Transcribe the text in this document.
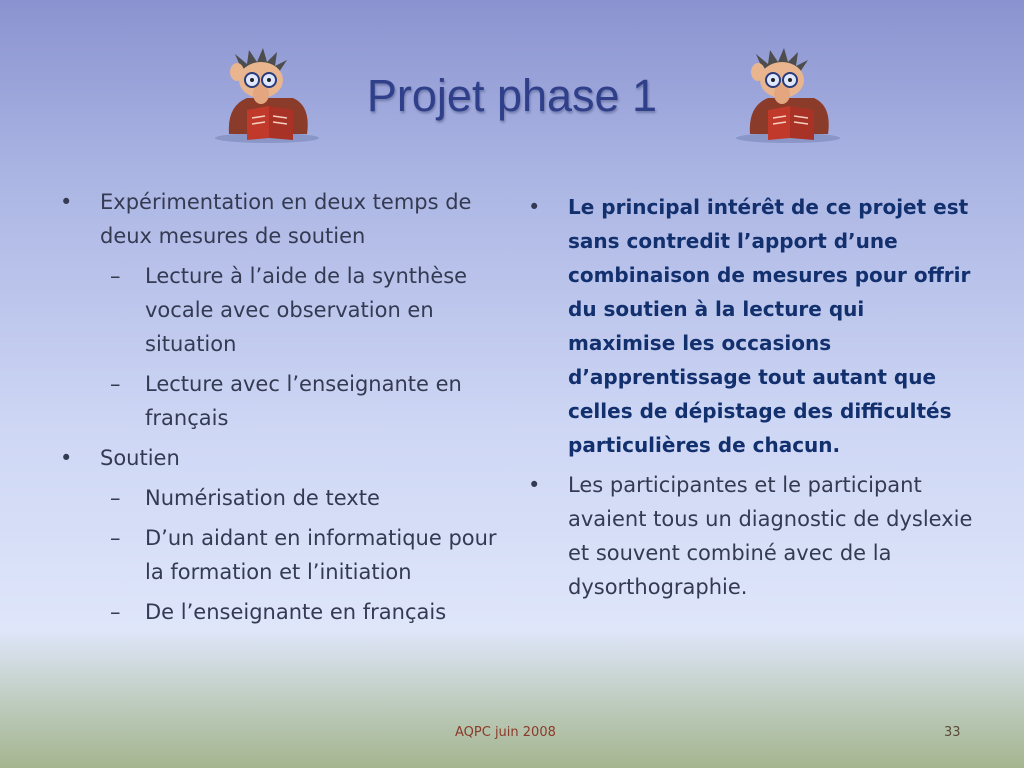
Projet phase 1
•	Expérimentation en deux temps de deux mesures de soutien
–	Lecture à l’aide de la synthèse vocale avec observation en situation
–	Lecture avec l’enseignante en français
•	Soutien
–	Numérisation de texte
–	D’un aidant en informatique pour la formation et l’initiation
–	De l’enseignante en français
•	Le principal intérêt de ce projet est sans contredit l’apport d’une combinaison de mesures pour offrir du soutien à la lecture qui maximise les occasions d’apprentissage tout autant que celles de dépistage des difficultés particulières de chacun.
•	Les participantes et le participant avaient tous un diagnostic de dyslexie et souvent combiné avec de la dysorthographie.
AQPC juin 2008	33
